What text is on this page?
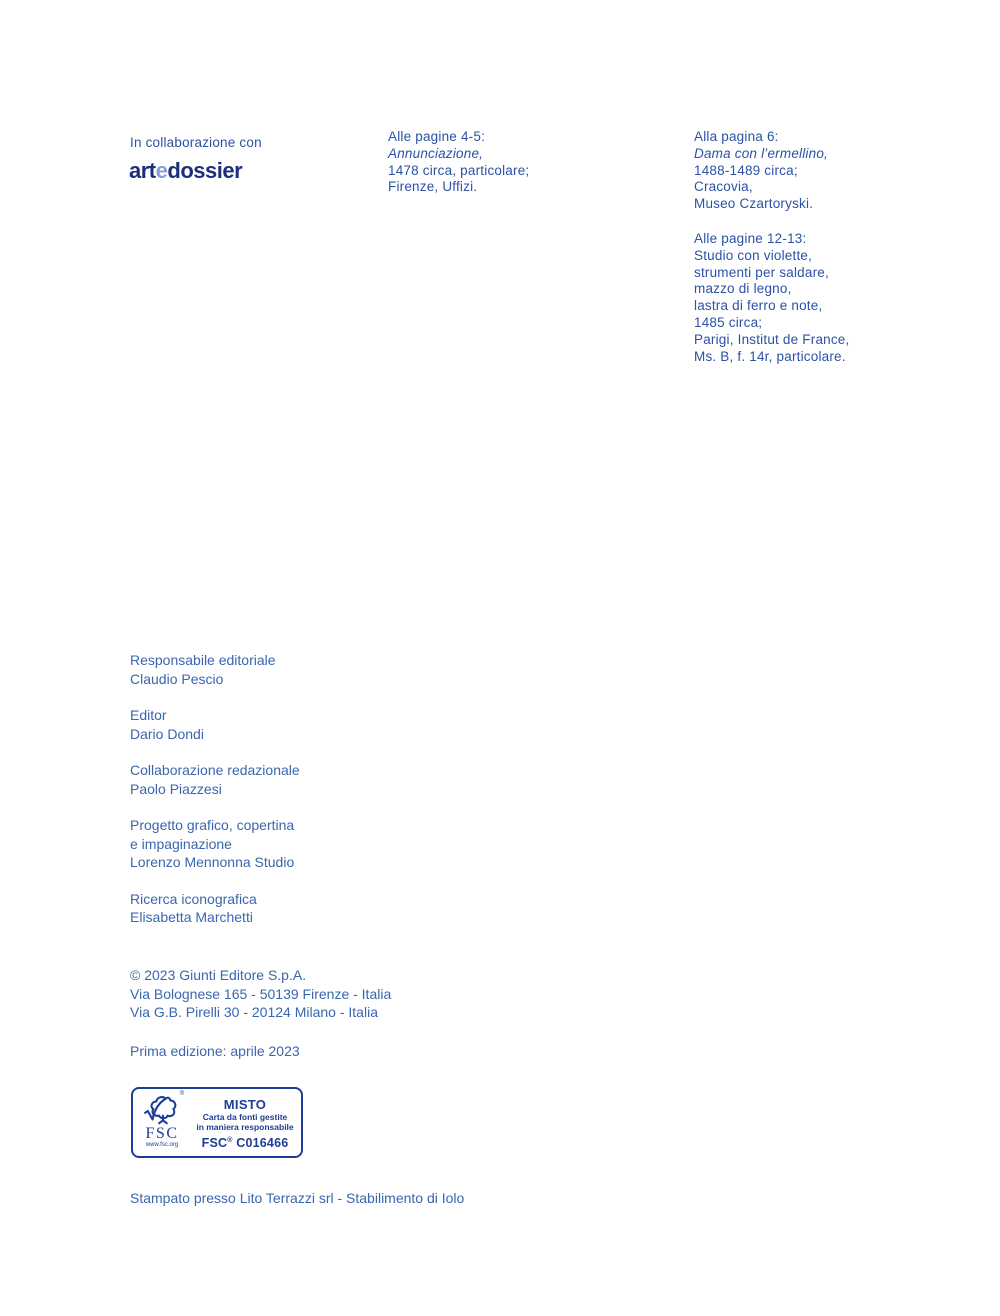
In collaborazione con
artedossier
Alle pagine 4-5:
Annunciazione,
1478 circa, particolare;
Firenze, Uffizi.
Alla pagina 6:
Dama con l’ermellino,
1488-1489 circa;
Cracovia,
Museo Czartoryski.
Alle pagine 12-13:
Studio con violette,
strumenti per saldare,
mazzo di legno,
lastra di ferro e note,
1485 circa;
Parigi, Institut de France,
Ms. B, f. 14r, particolare.
Responsabile editoriale
Claudio Pescio
Editor
Dario Dondi
Collaborazione redazionale
Paolo Piazzesi
Progetto grafico, copertina
e impaginazione
Lorenzo Mennonna Studio
Ricerca iconografica
Elisabetta Marchetti
© 2023 Giunti Editore S.p.A.
Via Bolognese 165 - 50139 Firenze - Italia
Via G.B. Pirelli 30 - 20124 Milano - Italia
Prima edizione: aprile 2023
®
FSC
www.fsc.org
MISTO
Carta da fonti gestite
in maniera responsabile
FSC® C016466
Stampato presso Lito Terrazzi srl - Stabilimento di Iolo
